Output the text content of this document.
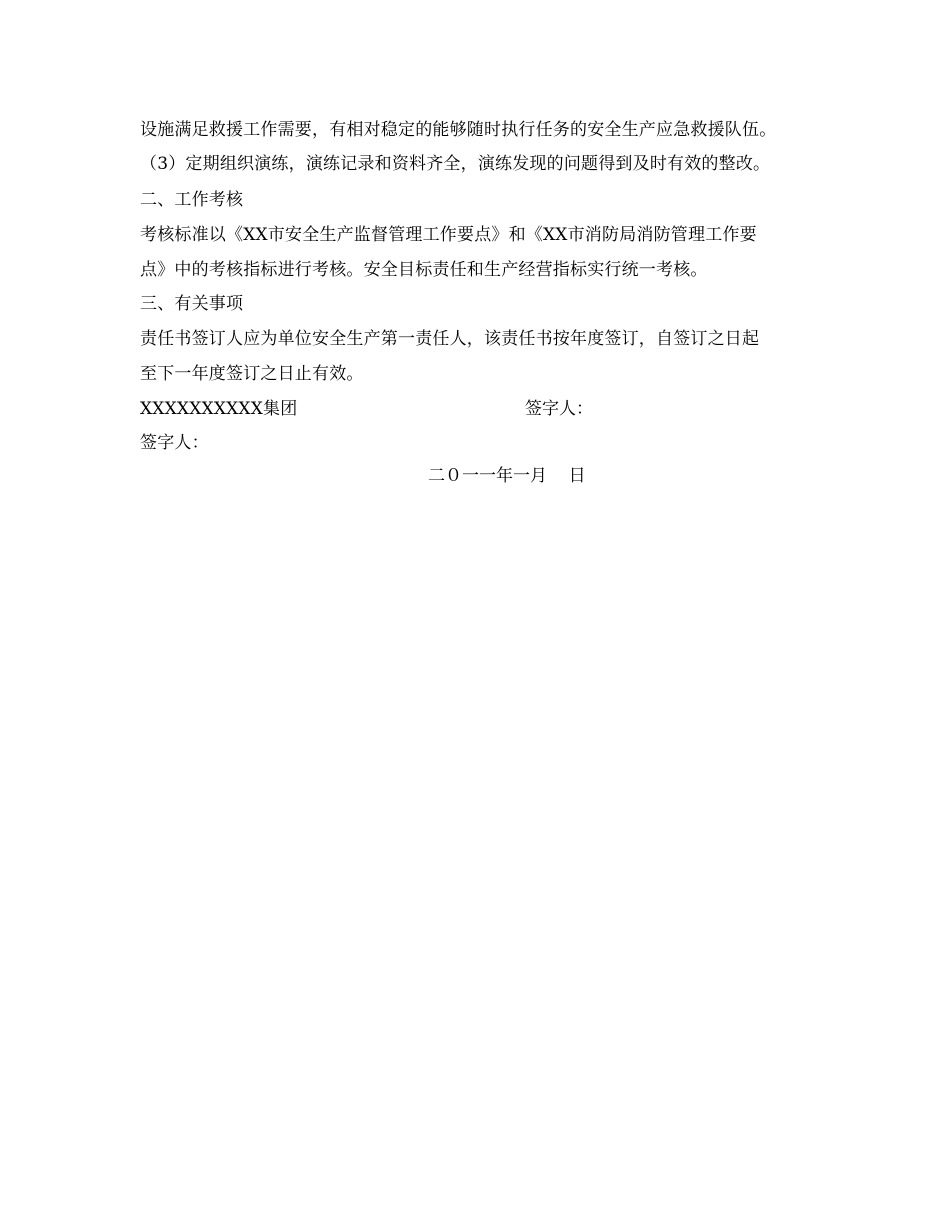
设施满足救援工作需要，有相对稳定的能够随时执行任务的安全生产应急救援队伍。
（3）定期组织演练，演练记录和资料齐全，演练发现的问题得到及时有效的整改。
二、工作考核
考核标准以《XX市安全生产监督管理工作要点》和《XX市消防局消防管理工作要
点》中的考核指标进行考核。安全目标责任和生产经营指标实行统一考核。
三、有关事项
责任书签订人应为单位安全生产第一责任人，该责任书按年度签订，自签订之日起
至下一年度签订之日止有效。
XXXXXXXXXX集团	签字人：
签字人：
二０一一年一月    日
